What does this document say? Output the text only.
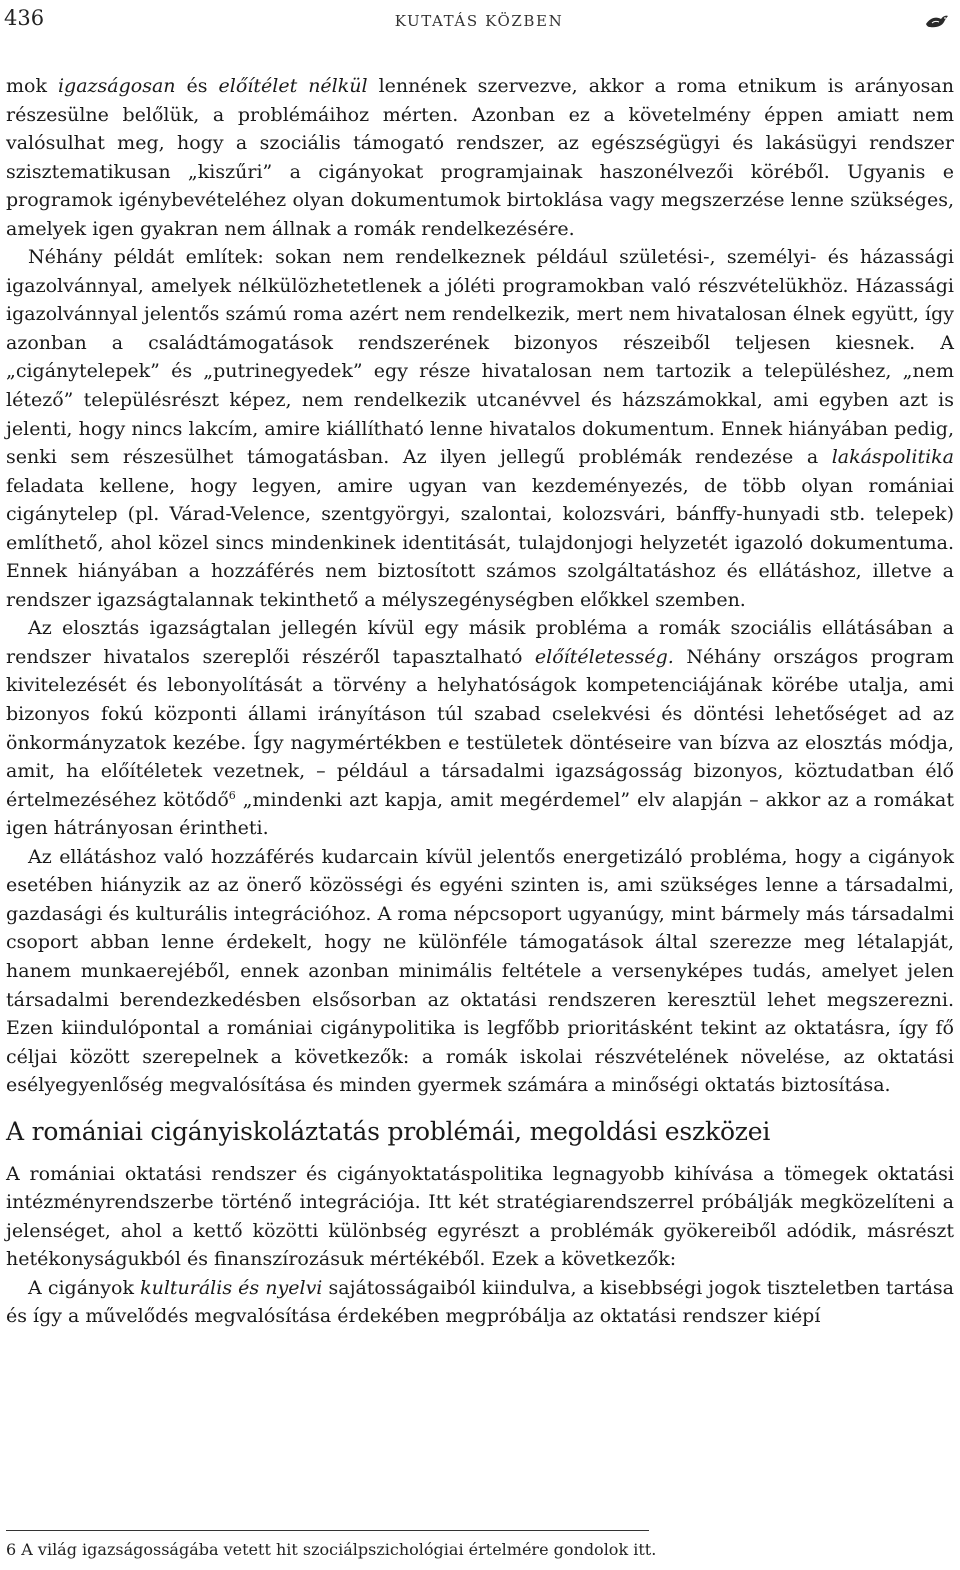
436	KUTATÁS KÖZBEN

mok igazságosan és előítélet nélkül lennének szervezve, akkor a roma etnikum is arányosan részesülne belőlük, a problémáihoz mérten. Azonban ez a követelmény éppen amiatt nem valósulhat meg, hogy a szociális támogató rendszer, az egészségügyi és lakásügyi rendszer szisztematikusan „kiszűri” a cigányokat programjainak haszonélvezői köréből. Ugyanis e programok igénybevételéhez olyan dokumentumok birtoklása vagy megszerzése lenne szükséges, amelyek igen gyakran nem állnak a romák rendelkezésére.

Néhány példát említek: sokan nem rendelkeznek például születési-, személyi- és házassági igazolvánnyal, amelyek nélkülözhetetlenek a jóléti programokban való részvételükhöz. Házassági igazolvánnyal jelentős számú roma azért nem rendelkezik, mert nem hivatalosan élnek együtt, így azonban a családtámogatások rendszerének bizonyos részeiből teljesen kiesnek. A „cigánytelepek” és „putrinegyedek” egy része hivatalosan nem tartozik a településhez, „nem létező” településrészt képez, nem rendelkezik utcanévvel és házszámokkal, ami egyben azt is jelenti, hogy nincs lakcím, amire kiállítható lenne hivatalos dokumentum. Ennek hiányában pedig, senki sem részesülhet támogatásban. Az ilyen jellegű problémák rendezése a lakáspolitika feladata kellene, hogy legyen, amire ugyan van kezdeményezés, de több olyan romániai cigánytelep (pl. Várad-Velence, szentgyörgyi, szalontai, kolozsvári, bánffy-hunyadi stb. telepek) említhető, ahol közel sincs mindenkinek identitását, tulajdonjogi helyzetét igazoló dokumentuma. Ennek hiányában a hozzáférés nem biztosított számos szolgáltatáshoz és ellátáshoz, illetve a rendszer igazságtalannak tekinthető a mélyszegénységben előkkel szemben.

Az elosztás igazságtalan jellegén kívül egy másik probléma a romák szociális ellátásában a rendszer hivatalos szereplői részéről tapasztalható előítéletesség. Néhány országos program kivitelezését és lebonyolítását a törvény a helyhatóságok kompetenciájának körébe utalja, ami bizonyos fokú központi állami irányításon túl szabad cselekvési és döntési lehetőséget ad az önkormányzatok kezébe. Így nagymértékben e testületek döntéseire van bízva az elosztás módja, amit, ha előítéletek vezetnek, – például a társadalmi igazságosság bizonyos, köztudatban élő értelmezéséhez kötődő$^6$ „mindenki azt kapja, amit megérdemel” elv alapján – akkor az a romákat igen hátrányosan érintheti.

Az ellátáshoz való hozzáférés kudarcain kívül jelentős energetizáló probléma, hogy a cigányok esetében hiányzik az az önerő közösségi és egyéni szinten is, ami szükséges lenne a társadalmi, gazdasági és kulturális integrációhoz. A roma népcsoport ugyanúgy, mint bármely más társadalmi csoport abban lenne érdekelt, hogy ne különféle támogatások által szerezze meg létalapját, hanem munkaerejéből, ennek azonban minimális feltétele a versenyképes tudás, amelyet jelen társadalmi berendezkedésben elsősorban az oktatási rendszeren keresztül lehet megszerezni. Ezen kiindulópontal a romániai cigánypolitika is legfőbb prioritásként tekint az oktatásra, így fő céljai között szerepelnek a következők: a romák iskolai részvételének növelése, az oktatási esélyegyenlőség megvalósítása és minden gyermek számára a minőségi oktatás biztosítása.

A romániai cigányiskoláztatás problémái, megoldási eszközei

A romániai oktatási rendszer és cigányoktatáspolitika legnagyobb kihívása a tömegek oktatási intézményrendszerbe történő integrációja. Itt két stratégiarendszerrel próbálják megközelíteni a jelenséget, ahol a kettő közötti különbség egyrészt a problémák gyökereiből adódik, másrészt hetékonyságukból és finanszírozásuk mértékéből. Ezek a következők:

A cigányok kulturális és nyelvi sajátosságaiból kiindulva, a kisebbségi jogok tiszteletben tartása és így a művelődés megvalósítása érdekében megpróbálja az oktatási rendszer kiépí

6 A világ igazságosságába vetett hit szociálpszichológiai értelmére gondolok itt.
